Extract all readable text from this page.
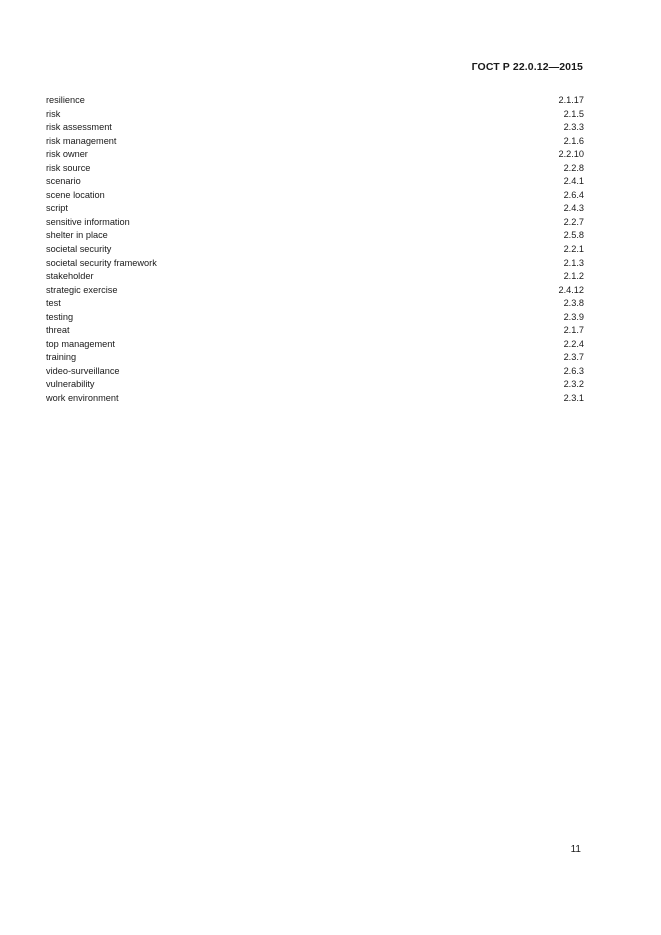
ГОСТ Р 22.0.12—2015
resilience	2.1.17
risk	2.1.5
risk assessment	2.3.3
risk management	2.1.6
risk owner	2.2.10
risk source	2.2.8
scenario	2.4.1
scene location	2.6.4
script	2.4.3
sensitive information	2.2.7
shelter in place	2.5.8
societal security	2.2.1
societal security framework	2.1.3
stakeholder	2.1.2
strategic exercise	2.4.12
test	2.3.8
testing	2.3.9
threat	2.1.7
top management	2.2.4
training	2.3.7
video-surveillance	2.6.3
vulnerability	2.3.2
work environment	2.3.1
11
